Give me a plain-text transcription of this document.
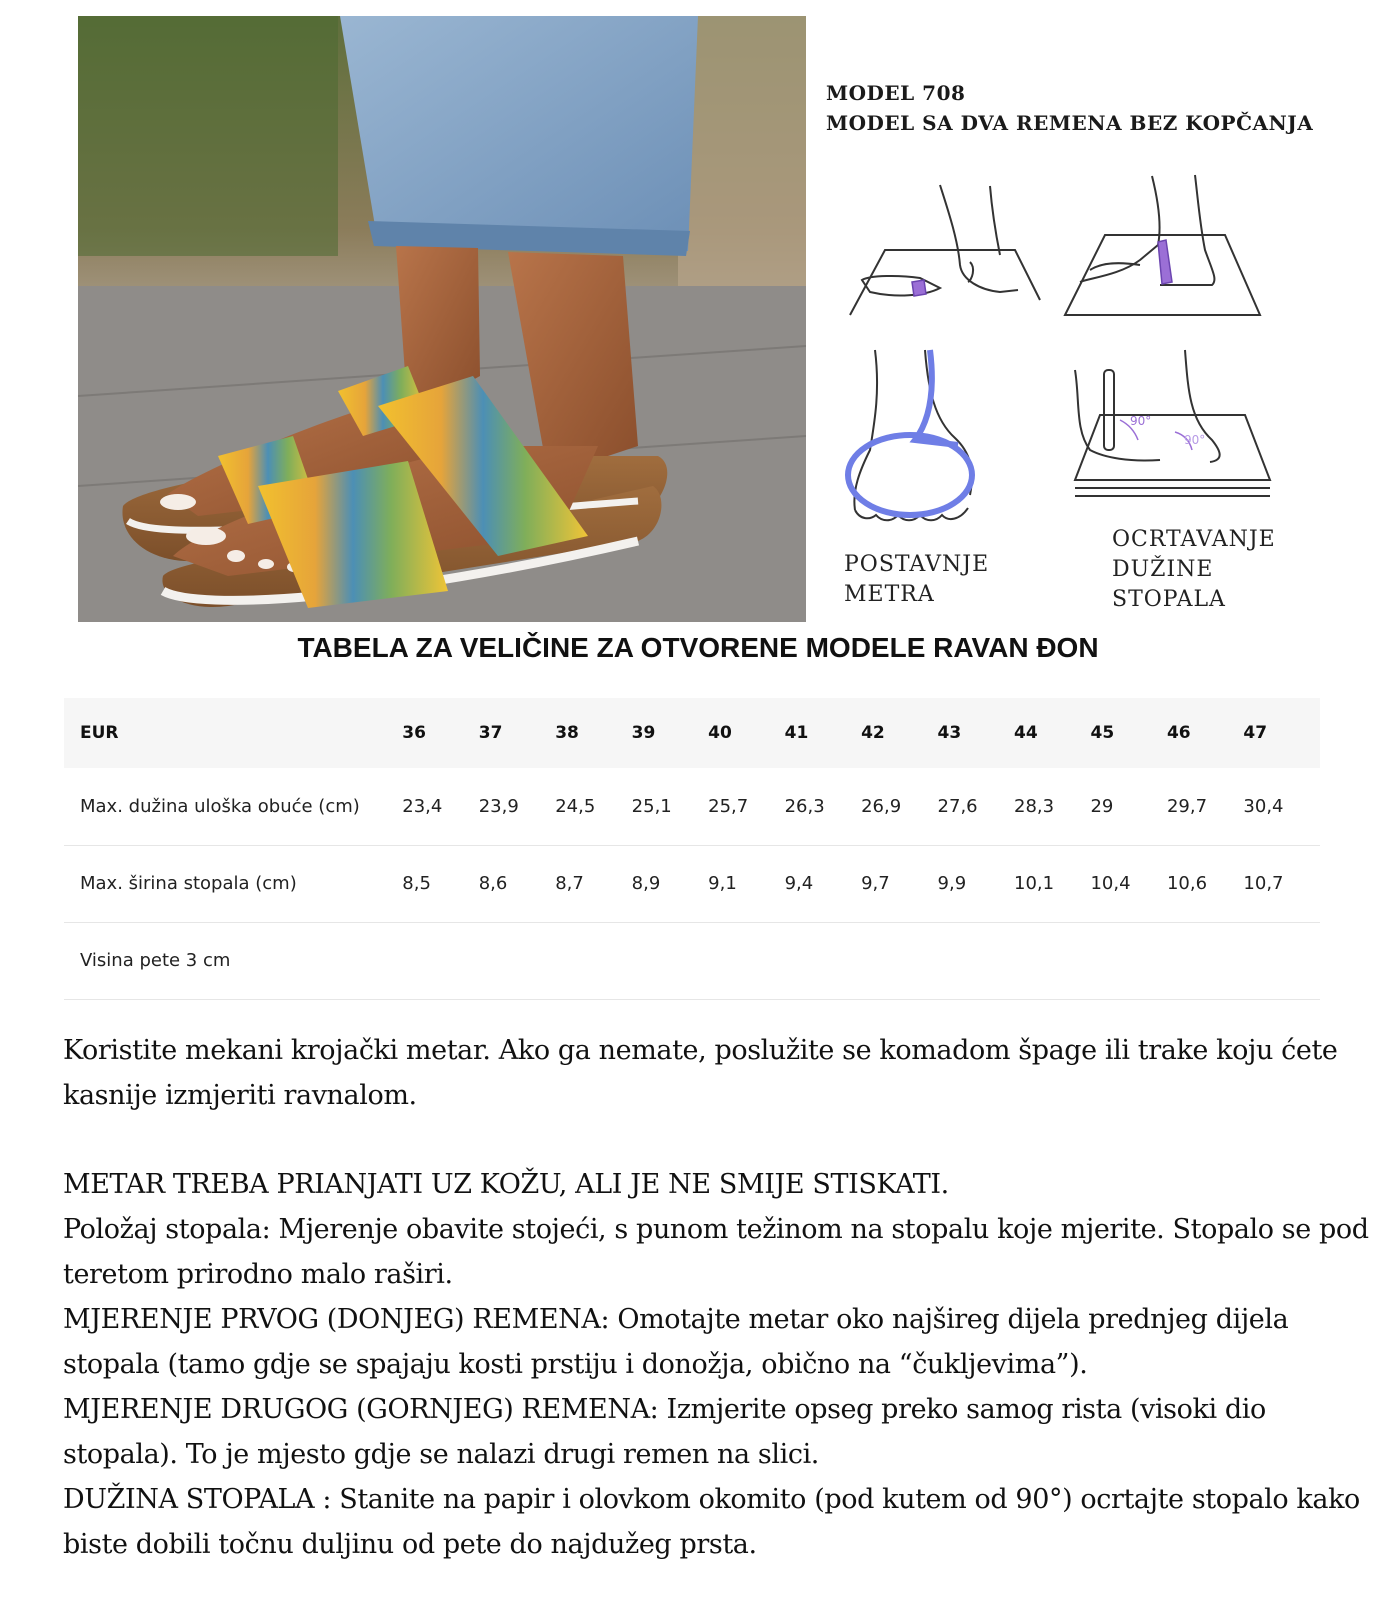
MODEL 708
MODEL SA DVA REMENA BEZ KOPČANJA
90°
90°
POSTAVNJE
METRA
OCRTAVANJE
DUŽINE
STOPALA
TABELA ZA VELIČINE ZA OTVORENE MODELE RAVAN ĐON
EUR	36	37	38	39	40	41	42	43	44	45	46	47
Max. dužina uloška obuće (cm)	23,4	23,9	24,5	25,1	25,7	26,3	26,9	27,6	28,3	29	29,7	30,4
Max. širina stopala (cm)	8,5	8,6	8,7	8,9	9,1	9,4	9,7	9,9	10,1	10,4	10,6	10,7
Visina pete 3 cm												

Koristite mekani krojački metar. Ako ga nemate, poslužite se komadom špage ili trake koju ćete kasnije izmjeriti ravnalom.

METAR TREBA PRIANJATI UZ KOŽU, ALI JE NE SMIJE STISKATI.

Položaj stopala: Mjerenje obavite stojeći, s punom težinom na stopalu koje mjerite. Stopalo se pod teretom prirodno malo raširi.

MJERENJE PRVOG (DONJEG) REMENA: Omotajte metar oko najšireg dijela prednjeg dijela stopala (tamo gdje se spajaju kosti prstiju i donožja, obično na “čukljevima”).

MJERENJE DRUGOG (GORNJEG) REMENA: Izmjerite opseg preko samog rista (visoki dio stopala). To je mjesto gdje se nalazi drugi remen na slici.

DUŽINA STOPALA : Stanite na papir i olovkom okomito (pod kutem od 90°) ocrtajte stopalo kako biste dobili točnu duljinu od pete do najdužeg prsta.
